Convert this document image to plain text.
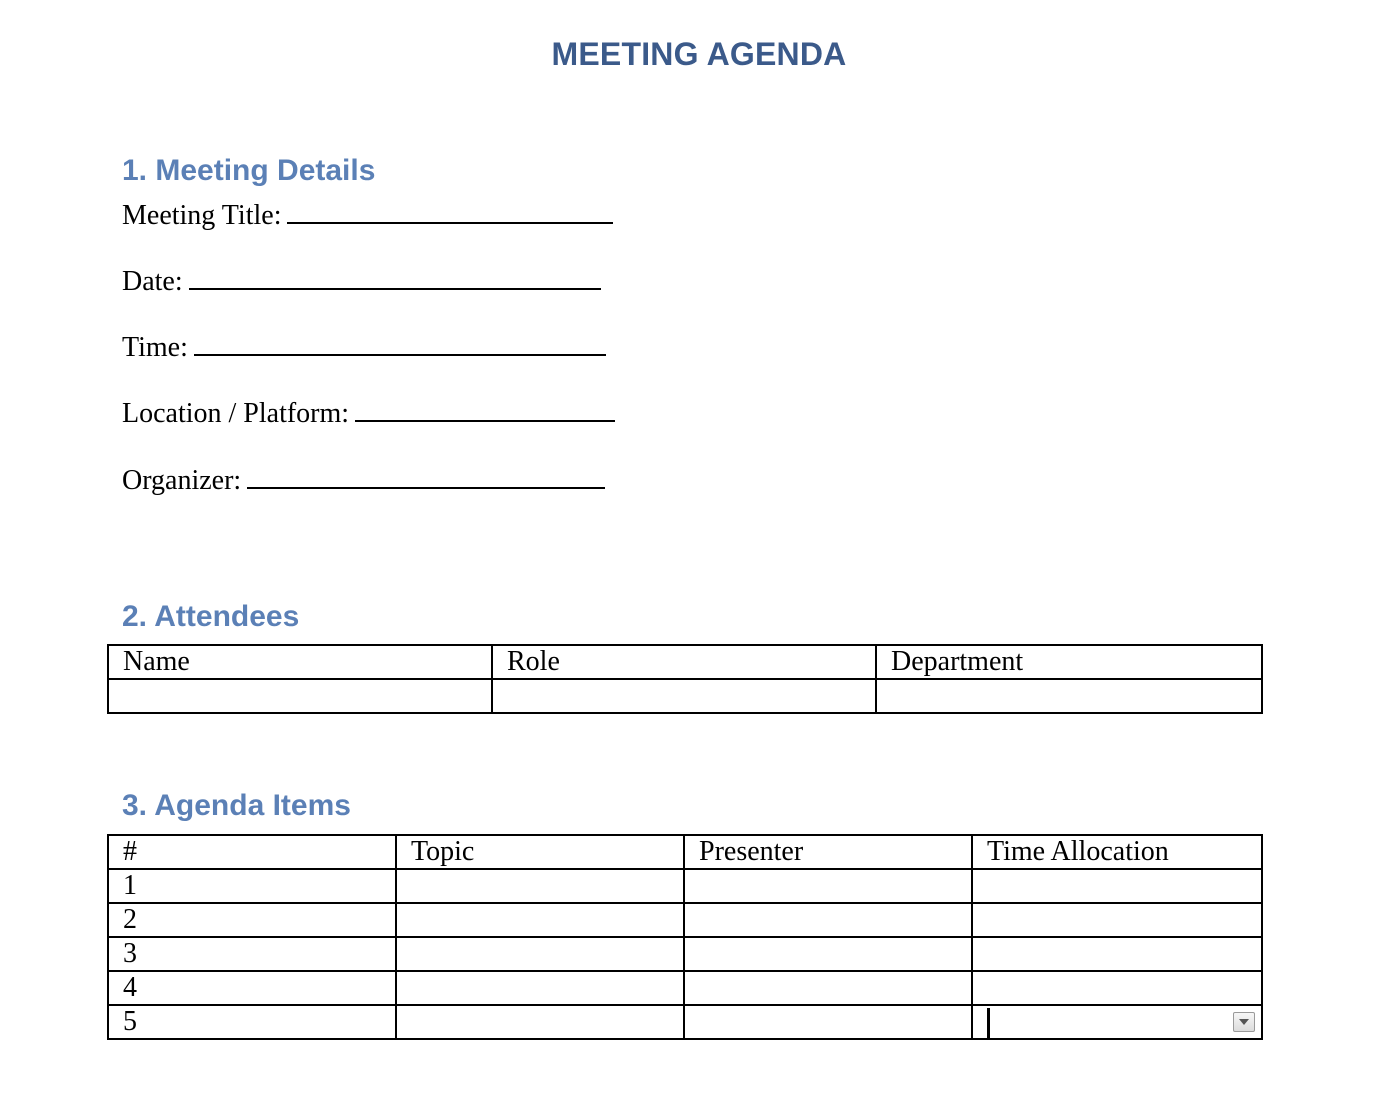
MEETING AGENDA
1. Meeting Details
Meeting Title:
Date:
Time:
Location / Platform:
Organizer:
2. Attendees
Name	Role	Department

3. Agenda Items
#	Topic	Presenter	Time Allocation
1			
2			
3			
4			
5			
